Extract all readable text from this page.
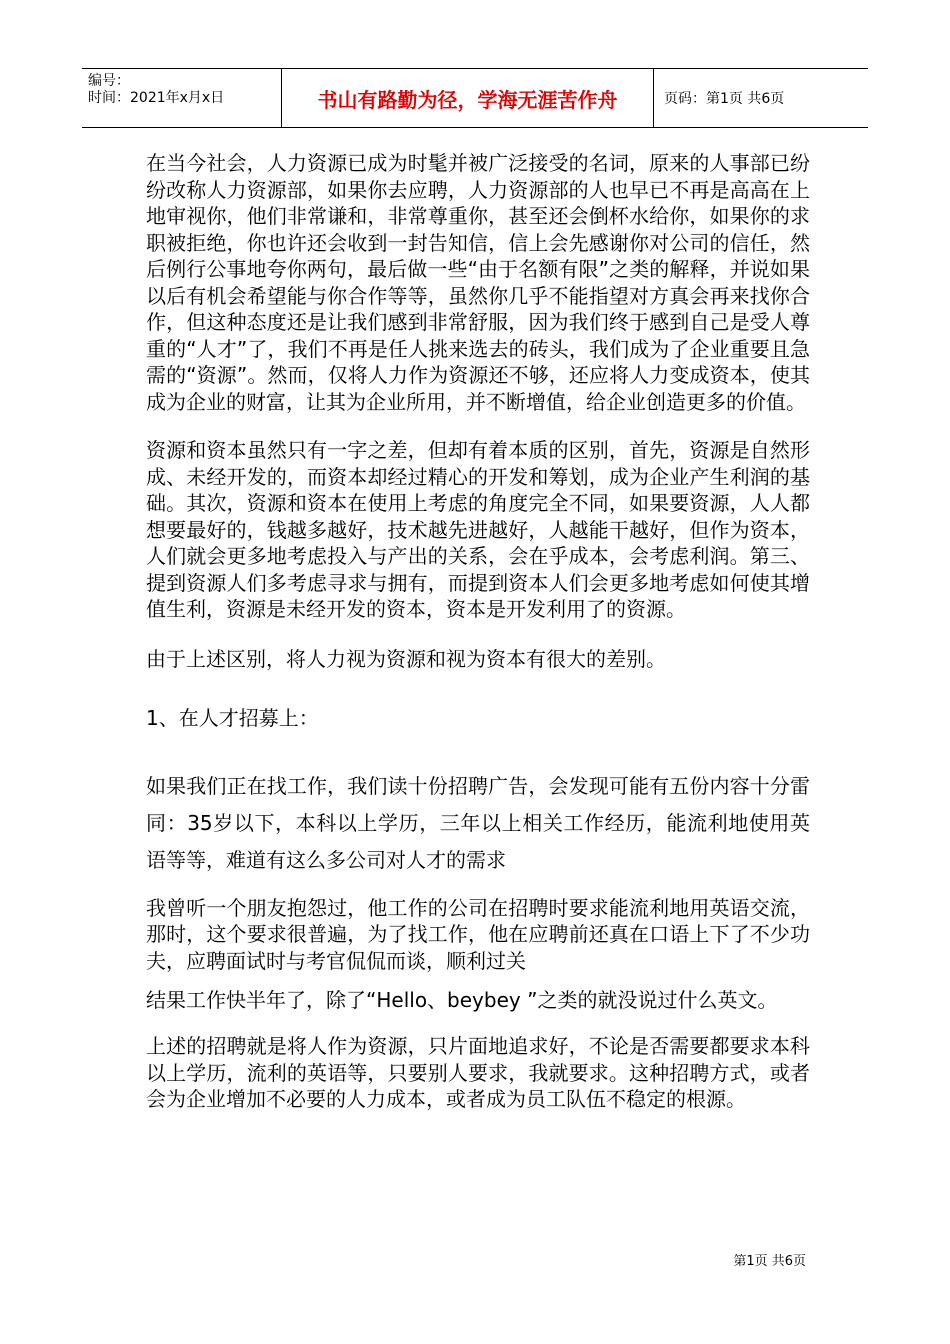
编号：
时间：2021年x月x日	书山有路勤为径，学海无涯苦作舟	页码：第1页 共6页

在当今社会，人力资源已成为时髦并被广泛接受的名词，原来的人事部已纷纷改称人力资源部，如果你去应聘，人力资源部的人也早已不再是高高在上地审视你，他们非常谦和，非常尊重你，甚至还会倒杯水给你，如果你的求职被拒绝，你也许还会收到一封告知信，信上会先感谢你对公司的信任，然后例行公事地夸你两句，最后做一些“由于名额有限”之类的解释，并说如果以后有机会希望能与你合作等等，虽然你几乎不能指望对方真会再来找你合作，但这种态度还是让我们感到非常舒服，因为我们终于感到自己是受人尊重的“人才”了，我们不再是任人挑来选去的砖头，我们成为了企业重要且急需的“资源”。然而，仅将人力作为资源还不够，还应将人力变成资本，使其成为企业的财富，让其为企业所用，并不断增值，给企业创造更多的价值。

资源和资本虽然只有一字之差，但却有着本质的区别，首先，资源是自然形成、未经开发的，而资本却经过精心的开发和筹划，成为企业产生利润的基础。其次，资源和资本在使用上考虑的角度完全不同，如果要资源，人人都想要最好的，钱越多越好，技术越先进越好，人越能干越好，但作为资本，人们就会更多地考虑投入与产出的关系，会在乎成本，会考虑利润。第三、提到资源人们多考虑寻求与拥有，而提到资本人们会更多地考虑如何使其增值生利，资源是未经开发的资本，资本是开发利用了的资源。

由于上述区别，将人力视为资源和视为资本有很大的差别。

1、在人才招募上：

如果我们正在找工作，我们读十份招聘广告，会发现可能有五份内容十分雷同：35岁以下，本科以上学历，三年以上相关工作经历，能流利地使用英语等等，难道有这么多公司对人才的需求

我曾听一个朋友抱怨过，他工作的公司在招聘时要求能流利地用英语交流，那时，这个要求很普遍，为了找工作，他在应聘前还真在口语上下了不少功夫，应聘面试时与考官侃侃而谈，顺利过关

结果工作快半年了，除了“Hello、beybey ”之类的就没说过什么英文。

上述的招聘就是将人作为资源，只片面地追求好，不论是否需要都要求本科以上学历，流利的英语等，只要别人要求，我就要求。这种招聘方式，或者会为企业增加不必要的人力成本，或者成为员工队伍不稳定的根源。

第1页 共6页
